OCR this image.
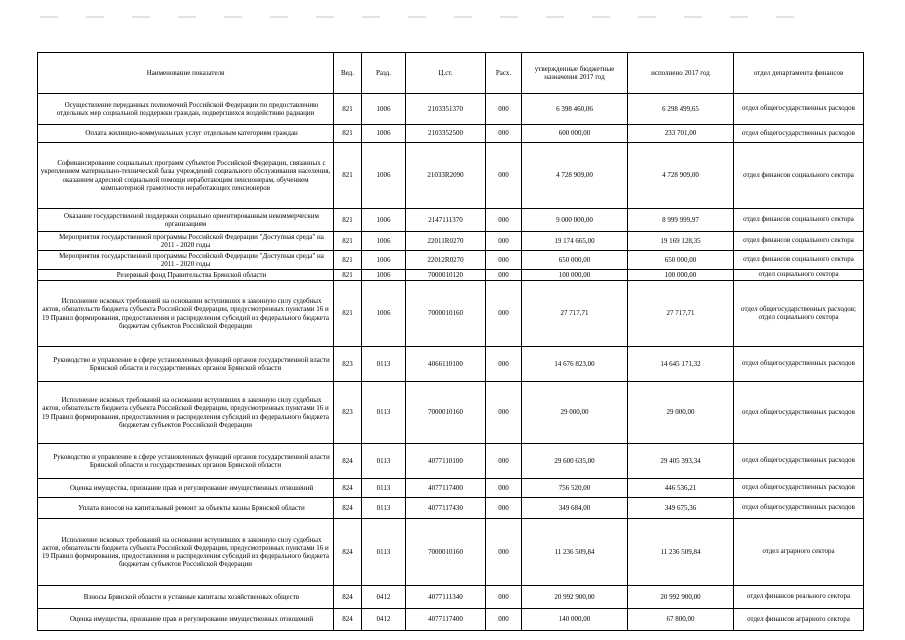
Наименование показателя	Вед.	Разд.	Ц.ст.	Расх.	утвержденные бюджетные назначения 2017 год	исполнено 2017 год	отдел департамента финансов
Осуществление переданных полномочий Российской Федерации по предоставлению отдельных мер социальной поддержки граждан, подвергшихся воздействию радиации	821	1006	2103351370	000	6 398 460,06	6 298 499,65	отдел общегосударственных расходов
Оплата жилищно-коммунальных услуг отдельным категориям граждан	821	1006	2103352500	000	600 000,00	233 701,00	отдел общегосударственных расходов
Софинансирование социальных программ субъектов Российской Федерации, связанных с укреплением материально-технической базы учреждений социального обслуживания населения, оказанием адресной социальной помощи неработающим пенсионерам, обучением компьютерной грамотности неработающих пенсионеров	821	1006	21033R2090	000	4 728 909,00	4 728 909,00	отдел финансов социального сектора
Оказание государственной поддержки социально ориентированным некоммерческим организациям	821	1006	2147111370	000	9 000 000,00	8 999 999,97	отдел финансов социального сектора
Мероприятия государственной программы Российской Федерации "Доступная среда" на 2011 - 2020 годы	821	1006	22011R0270	000	19 174 665,00	19 169 128,35	отдел финансов социального сектора
Мероприятия государственной программы Российской Федерации "Доступная среда" на 2011 - 2020 годы	821	1006	22012R0270	000	650 000,00	650 000,00	отдел финансов социального сектора
Резервный фонд Правительства Брянской области	821	1006	7000010120	000	100 000,00	100 000,00	отдел социального сектора
Исполнение исковых требований на основании вступивших в законную силу судебных актов, обязательств бюджета субъекта Российской Федерации, предусмотренных пунктами 16 и 19 Правил формирования, предоставления и распределения субсидий из федерального бюджета бюджетам субъектов Российской Федерации	821	1006	7000010160	000	27 717,71	27 717,71	отдел общегосударственных расходов; отдел социального сектора
Руководство и управление в сфере установленных функций органов государственной власти Брянской области и государственных органов Брянской области	823	0113	4066110100	000	14 676 823,00	14 645 171,32	отдел общегосударственных расходов
Исполнение исковых требований на основании вступивших в законную силу судебных актов, обязательств бюджета субъекта Российской Федерации, предусмотренных пунктами 16 и 19 Правил формирования, предоставления и распределения субсидий из федерального бюджета бюджетам субъектов Российской Федерации	823	0113	7000010160	000	29 000,00	29 000,00	отдел общегосударственных расходов
Руководство и управление в сфере установленных функций органов государственной власти Брянской области и государственных органов Брянской области	824	0113	4077110100	000	29 600 635,00	29 405 393,34	отдел общегосударственных расходов
Оценка имущества, признание прав и регулирование имущественных отношений	824	0113	4077117400	000	756 520,00	446 536,21	отдел общегосударственных расходов
Уплата взносов на капитальный ремонт за объекты казны Брянской области	824	0113	4077117430	000	349 684,00	349 675,36	отдел общегосударственных расходов
Исполнение исковых требований на основании вступивших в законную силу судебных актов, обязательств бюджета субъекта Российской Федерации, предусмотренных пунктами 16 и 19 Правил формирования, предоставления и распределения субсидий из федерального бюджета бюджетам субъектов Российской Федерации	824	0113	7000010160	000	11 236 509,84	11 236 509,84	отдел аграрного сектора
Взносы Брянской области в уставные капиталы хозяйственных обществ	824	0412	4077111340	000	20 992 900,00	20 992 900,00	отдел финансов реального сектора
Оценка имущества, признание прав и регулирование имущественных отношений	824	0412	4077117400	000	140 000,00	67 800,00	отдел финансов аграрного сектора
